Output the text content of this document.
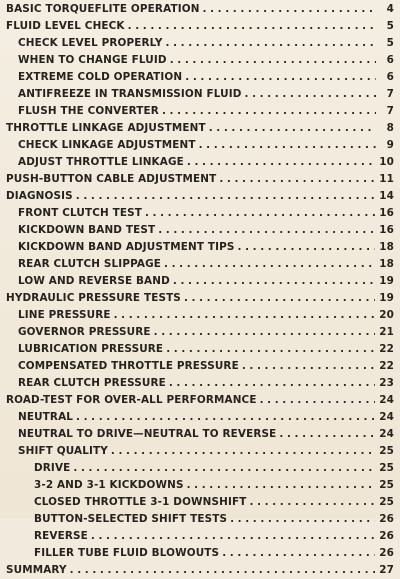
BASIC TORQUEFLITE OPERATION . . .	4
FLUID LEVEL CHECK . . .	5
CHECK LEVEL PROPERLY . . .	5
WHEN TO CHANGE FLUID . . .	6
EXTREME COLD OPERATION . . .	6
ANTIFREEZE IN TRANSMISSION FLUID . . .	7
FLUSH THE CONVERTER . . .	7
THROTTLE LINKAGE ADJUSTMENT . . .	8
CHECK LINKAGE ADJUSTMENT . . .	9
ADJUST THROTTLE LINKAGE . . .	10
PUSH-BUTTON CABLE ADJUSTMENT . . .	11
DIAGNOSIS . . .	14
FRONT CLUTCH TEST . . .	16
KICKDOWN BAND TEST . . .	16
KICKDOWN BAND ADJUSTMENT TIPS . . .	18
REAR CLUTCH SLIPPAGE . . .	18
LOW AND REVERSE BAND . . .	19
HYDRAULIC PRESSURE TESTS . . .	19
LINE PRESSURE . . .	20
GOVERNOR PRESSURE . . .	21
LUBRICATION PRESSURE . . .	22
COMPENSATED THROTTLE PRESSURE . . .	22
REAR CLUTCH PRESSURE . . .	23
ROAD-TEST FOR OVER-ALL PERFORMANCE . . .	24
NEUTRAL . . .	24
NEUTRAL TO DRIVE—NEUTRAL TO REVERSE . . .	24
SHIFT QUALITY . . .	25
DRIVE . . .	25
3-2 AND 3-1 KICKDOWNS . . .	25
CLOSED THROTTLE 3-1 DOWNSHIFT . . .	25
BUTTON-SELECTED SHIFT TESTS . . .	26
REVERSE . . .	26
FILLER TUBE FLUID BLOWOUTS . . .	26
SUMMARY . . .	27
